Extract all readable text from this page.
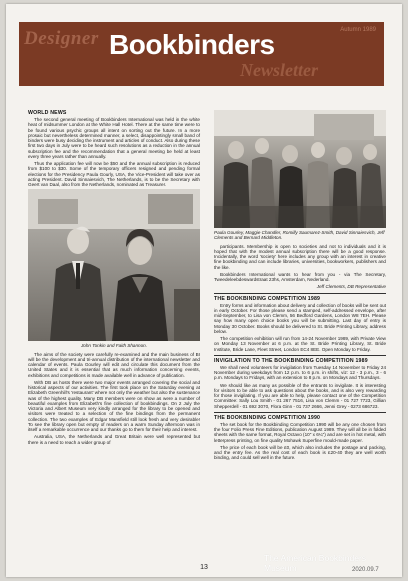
Designer Bookbinders
Newsletter
Autumn 1989
WORLD NEWS

The second general meeting of Bookbinders International was held in the white heat of midsummer London at the White Hall Hotel. There at the same time were to be found various psychic groups all intent on sorting out the future. In a more prosaic but nevertheless determined manner, a select, disappointingly small band of binders were busy deciding the instrument and articles of conduct. Also during these first two days in July were to be heard such resolutions as a reduction in the annual subscription fee and the recommendation that a general meeting be held at least every three years rather than annually.

Thus the application fee will now be $50 and the annual subscription is reduced from $100 to $30. Some of the temporary officers resigned and pending formal elections for the Presidency Paula Gourly, USA, the Vice-President will take over as acting President. David Sinnaiesvich, The Netherlands, is to be the Secretary with Geert van Daal, also from the Netherlands, nominated as Treasurer.

John Tonkin and Faith Shannon.

The aims of the society were carefully re-examined and the main business of BI will be the development and tri-annual distribution of the international newsletter and calendar of events. Paula Gourley will edit and circulate this document from the United States and it is essential that as much information concerning events, exhibitions and competitions is made available well in advance of publication.

With DB as hosts there were two major events arranged covering the social and historical aspects of our activities. The first took place on the Saturday evening at Elizabeth Greenhill's 'restaurant' where not only the weather but also the sustenance was of the highest quality. Many DB members were on show as were a number of beautiful examples from Elizabeth's fine collection of bookbindings. On 2 July the Victoria and Albert Museum very kindly arranged for the library to be opened and visitors were treated to a selection of the fine bindings from the permanent collection. The two examples of Edgar Mansfield still look fresh and very desirable! To see the library open but empty of readers on a warm Sunday afternoon was in itself a remarkable occurrence and our thanks go to them for their help and interest.

Australia, USA, the Netherlands and Great Britain were well represented but there is a need to reach a wider group of

Paula Gourley, Maggie Chandler, Romilly Saumarez-Smith, David Sinnaiesvich, Jeff Clements and Bernard Middleton.

participants. Membership is open to societies and not to individuals and it is hoped that with the modest annual subscription there will be a good response. Incidentally, the word 'society' here includes any group with an interest in creative fine bookbinding and can include libraries, universities, bookworkers, publishers and the like.

Bookbinders International wants to hear from you - via The Secretary, Tweedeleebdeswardstraat 23hs, Amsterdam, Nederland.

Jeff Clements, DB Representative
THE BOOKBINDING COMPETITION 1989

Entry forms and information about delivery and collection of books will be sent out in early October. For those please send a stamped, self-addressed envelope, after mid-September, to Lisa von Clemm, 56 Bedford Gardens, London W8 7EH. Please say how many open choice books you will be submitting. Last day of entry is Monday 30 October. Books should be delivered to St. Bride Printing Library, address below.

The competition exhibition will run from 14-24 November 1989, with Private View on Monday 13 November at 6 p.m. at the St. Bride Printing Library, St. Bride Institute, Bride Lane, Fleet Street, London EC4 8EE. Open Monday to Friday.

INVIGILATION TO THE BOOKBINDING COMPETITION 1989

We shall need volunteers for invigilation from Tuesday 14 November to Friday 24 November during weekdays from 12 p.m. to 6 p.m. in shifts, viz: 12 - 3 p.m., 3 - 6 p.m. Mondays to Fridays, with an extension to 8 p.m. on Mondays and Thursdays.

We should like as many as possible of the entrants to invigilate. It is interesting for visitors to be able to ask questions about the books, and is also very rewarding for those invigilating. If you are able to help, please contact one of the Competition Committee: Sally Lou Smith - 01 267 7516, Lisa von Clemm - 01 727 7723, Gillian Shepperdell - 01 692 3070, Flora Ginn - 01 737 2666, Jenni Grey - 0273 686723.

THE BOOKBINDING COMPETITION 1990

The set book for the Bookbinding Competition 1990 will be any one chosen from the four Folio Press Fine Editions, publication August 1989. They will all be in folded sheets with the same format, Royal Octavo (10" x 6¼") and are set in hot metal, with letterpress printing, on fine quality Mohawk Superfine mould-made paper.

The price of each book will be £0, which also includes the postage and packing, and the entry fee. As the real cost of each book is £20-40 they are well worth binding, and could sell well in the future.

13
The American Bookbinders Museum	2020.09.7
